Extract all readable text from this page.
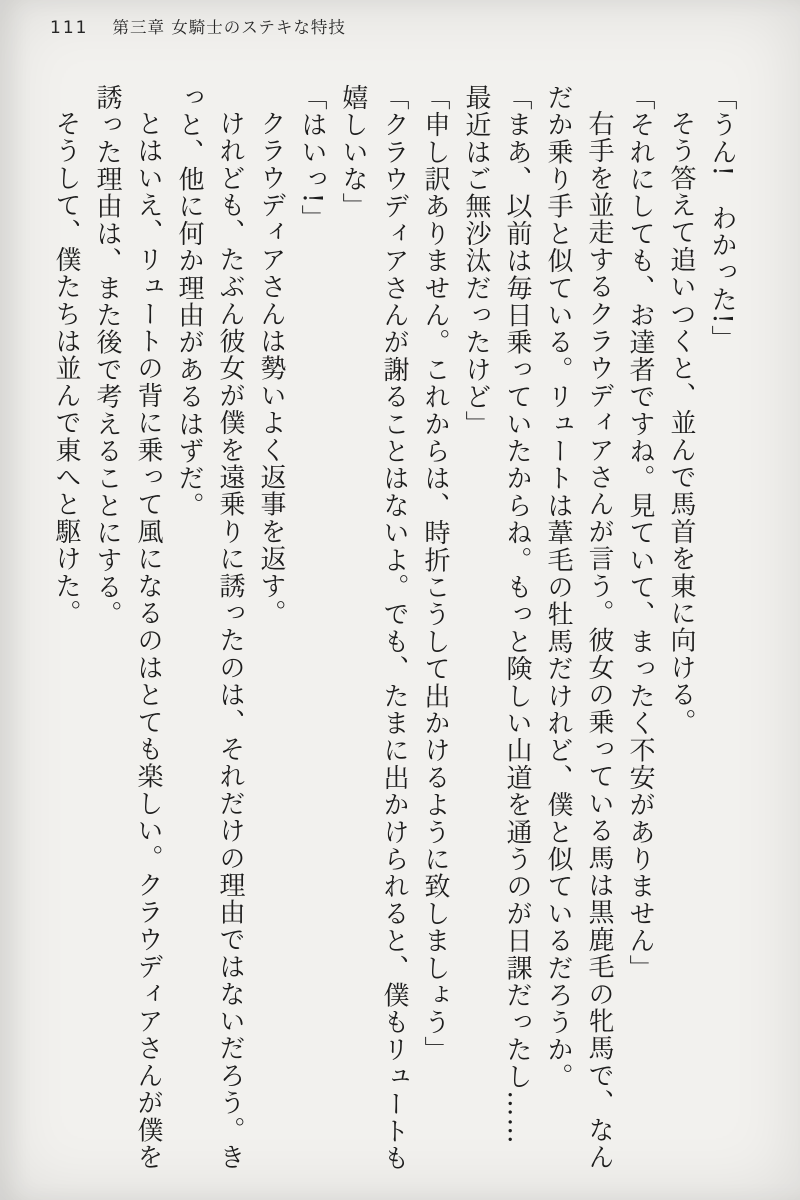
111 第三章 女騎士のステキな特技
「うん!　わかった!」
そう答えて追いつくと、並んで馬首を東に向ける。
「それにしても、お達者ですね。見ていて、まったく不安がありません」
右手を並走するクラウディアさんが言う。彼女の乗っている馬は黒鹿毛の牝馬で、なん
だか乗り手と似ている。リュートは葦毛の牡馬だけれど、僕と似ているだろうか。
「まあ、以前は毎日乗っていたからね。もっと険しい山道を通うのが日課だったし……
最近はご無沙汰だったけど」
「申し訳ありません。これからは、時折こうして出かけるように致しましょう」
「クラウディアさんが謝ることはないよ。でも、たまに出かけられると、僕もリュートも
嬉しいな」
「はいっ!」
クラウディアさんは勢いよく返事を返す。
けれども、たぶん彼女が僕を遠乗りに誘ったのは、それだけの理由ではないだろう。き
っと、他に何か理由があるはずだ。
とはいえ、リュートの背に乗って風になるのはとても楽しい。クラウディアさんが僕を
誘った理由は、また後で考えることにする。
そうして、僕たちは並んで東へと駆けた。
